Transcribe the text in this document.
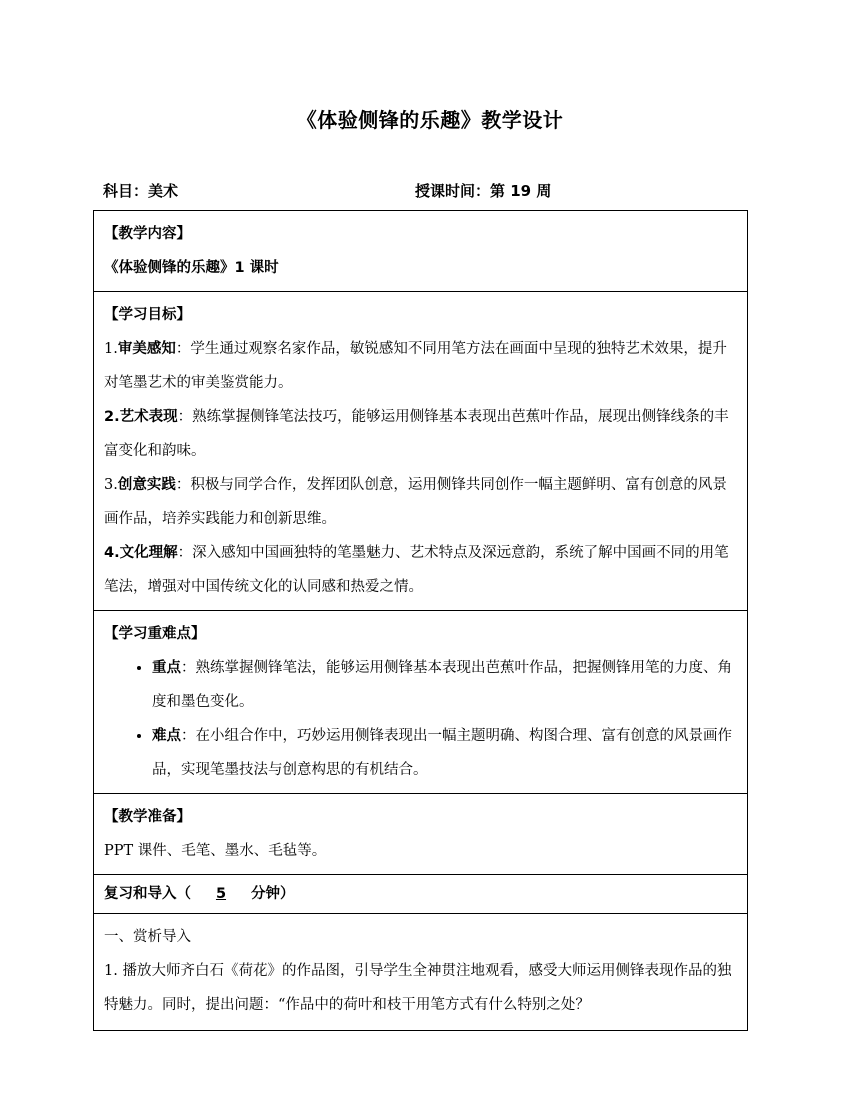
《体验侧锋的乐趣》教学设计
科目：美术	授课时间：第 19 周

【教学内容】

《体验侧锋的乐趣》1 课时

【学习目标】

1.审美感知：学生通过观察名家作品，敏锐感知不同用笔方法在画面中呈现的独特艺术效果，提升对笔墨艺术的审美鉴赏能力。

2.艺术表现：熟练掌握侧锋笔法技巧，能够运用侧锋基本表现出芭蕉叶作品，展现出侧锋线条的丰富变化和韵味。

3.创意实践：积极与同学合作，发挥团队创意，运用侧锋共同创作一幅主题鲜明、富有创意的风景画作品，培养实践能力和创新思维。

4.文化理解：深入感知中国画独特的笔墨魅力、艺术特点及深远意韵，系统了解中国画不同的用笔笔法，增强对中国传统文化的认同感和热爱之情。

【学习重难点】

• 重点：熟练掌握侧锋笔法，能够运用侧锋基本表现出芭蕉叶作品，把握侧锋用笔的力度、角度和墨色变化。
• 难点：在小组合作中，巧妙运用侧锋表现出一幅主题明确、构图合理、富有创意的风景画作品，实现笔墨技法与创意构思的有机结合。

【教学准备】

PPT 课件、毛笔、墨水、毛毡等。

复习和导入（ 5 分钟）

一、赏析导入

1. 播放大师齐白石《荷花》的作品图，引导学生全神贯注地观看，感受大师运用侧锋表现作品的独特魅力。同时，提出问题：“作品中的荷叶和枝干用笔方式有什么特别之处？
